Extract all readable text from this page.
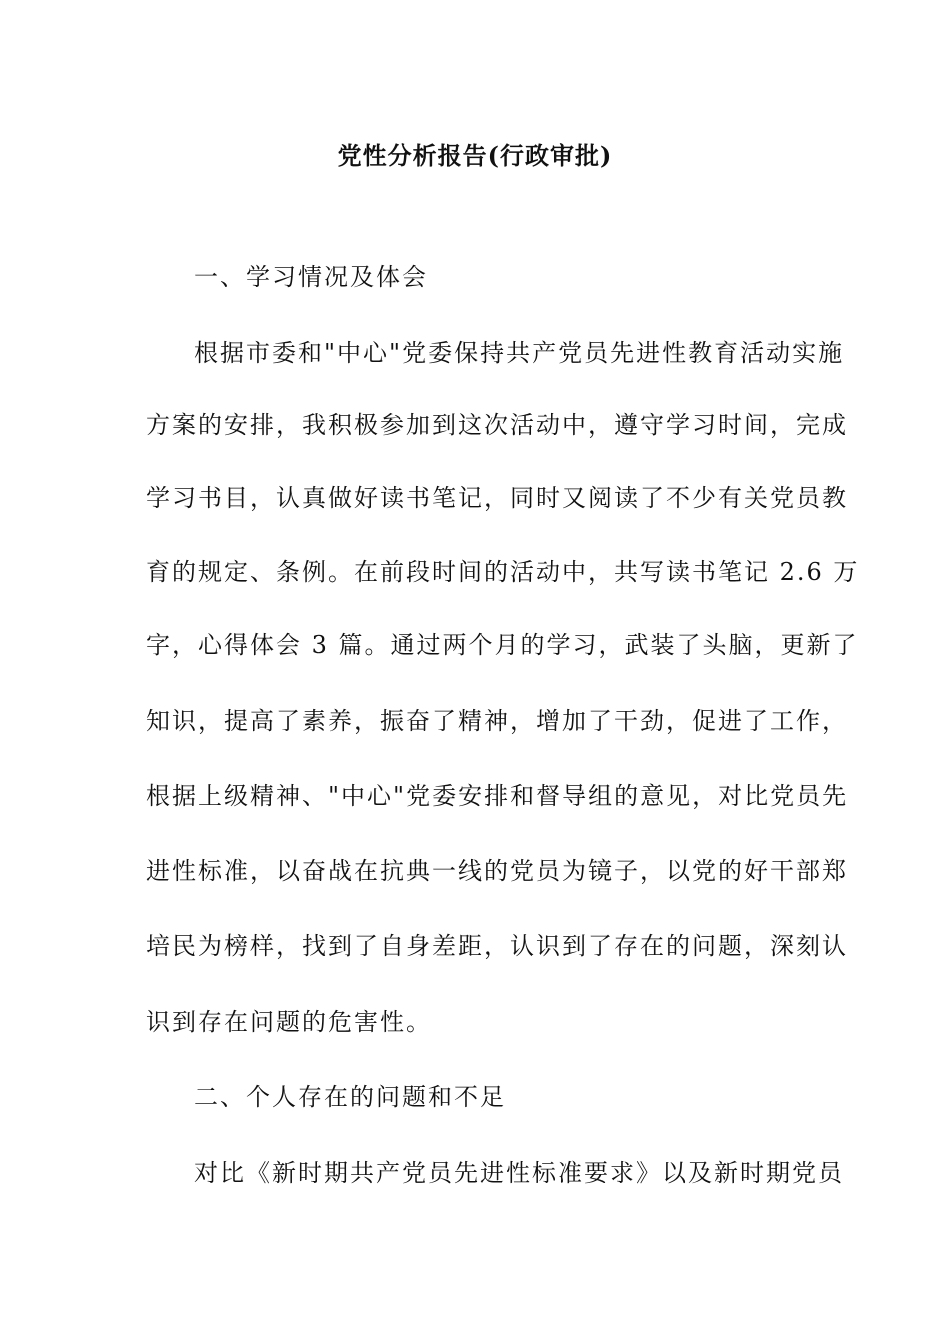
党性分析报告(行政审批)
一、学习情况及体会
根据市委和"中心"党委保持共产党员先进性教育活动实施
方案的安排，我积极参加到这次活动中，遵守学习时间，完成
学习书目，认真做好读书笔记，同时又阅读了不少有关党员教
育的规定、条例。在前段时间的活动中，共写读书笔记 2.6 万
字，心得体会 3 篇。通过两个月的学习，武装了头脑，更新了
知识，提高了素养，振奋了精神，增加了干劲，促进了工作，
根据上级精神、"中心"党委安排和督导组的意见，对比党员先
进性标准，以奋战在抗典一线的党员为镜子，以党的好干部郑
培民为榜样，找到了自身差距，认识到了存在的问题，深刻认
识到存在问题的危害性。
二、个人存在的问题和不足
对比《新时期共产党员先进性标准要求》以及新时期党员
